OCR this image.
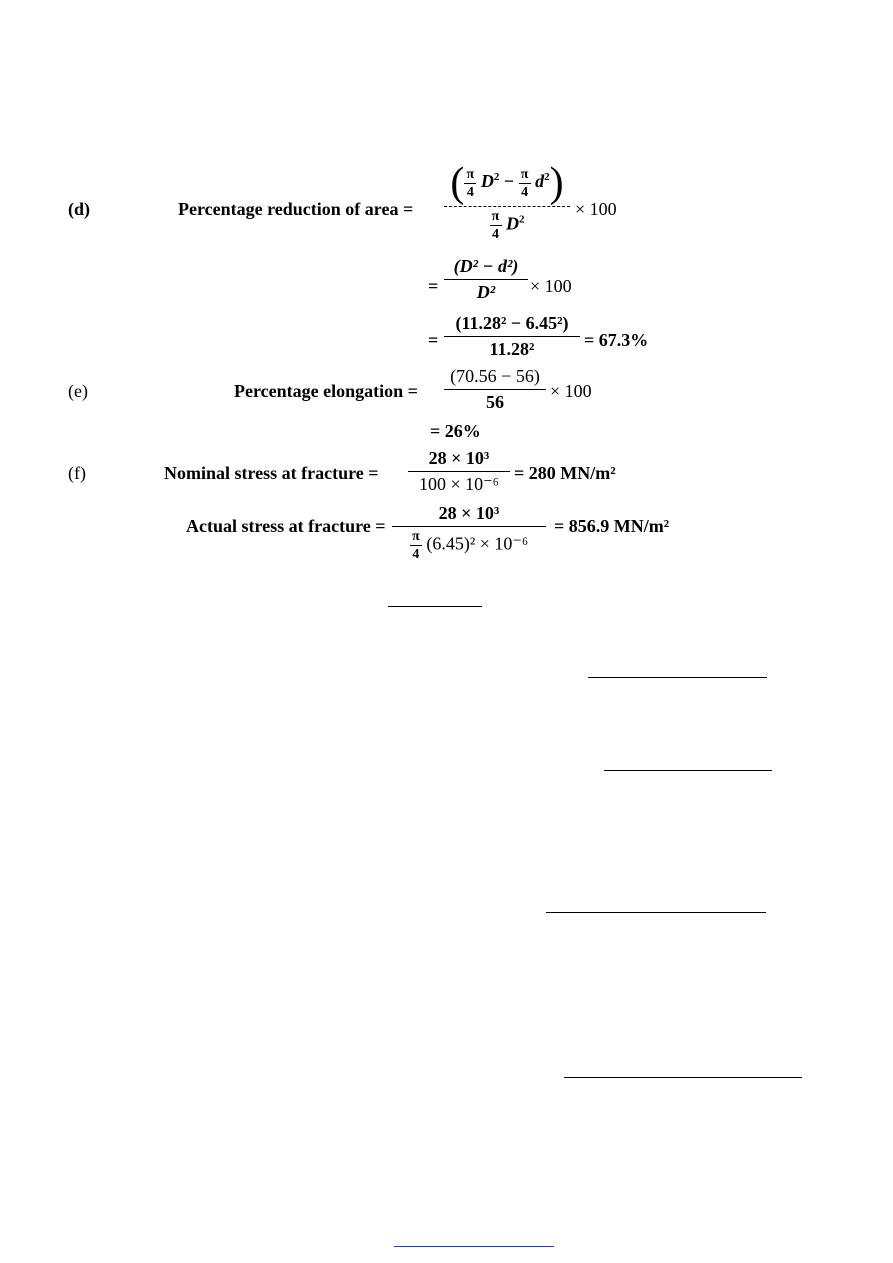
(d)	Percentage reduction of area =
( $\frac{\pi}{4} D^2 - \frac{\pi}{4} d^2$)
$\frac{\pi}{4} D^2$
× 100
=
(D² − d²)
D²	× 100
=
(11.28² − 6.45²)
11.28²	= 67.3%
(e)	Percentage elongation =
(70.56 − 56)
56
× 100
= 26%
(f)	Nominal stress at fracture =
28 × 10³
100 × 10⁻⁶
= 280 MN/m²
Actual stress at fracture =
28 × 10³
$\frac{\pi}{4} (6.45)^2 \times 10^{-6}$
= 856.9 MN/m²
